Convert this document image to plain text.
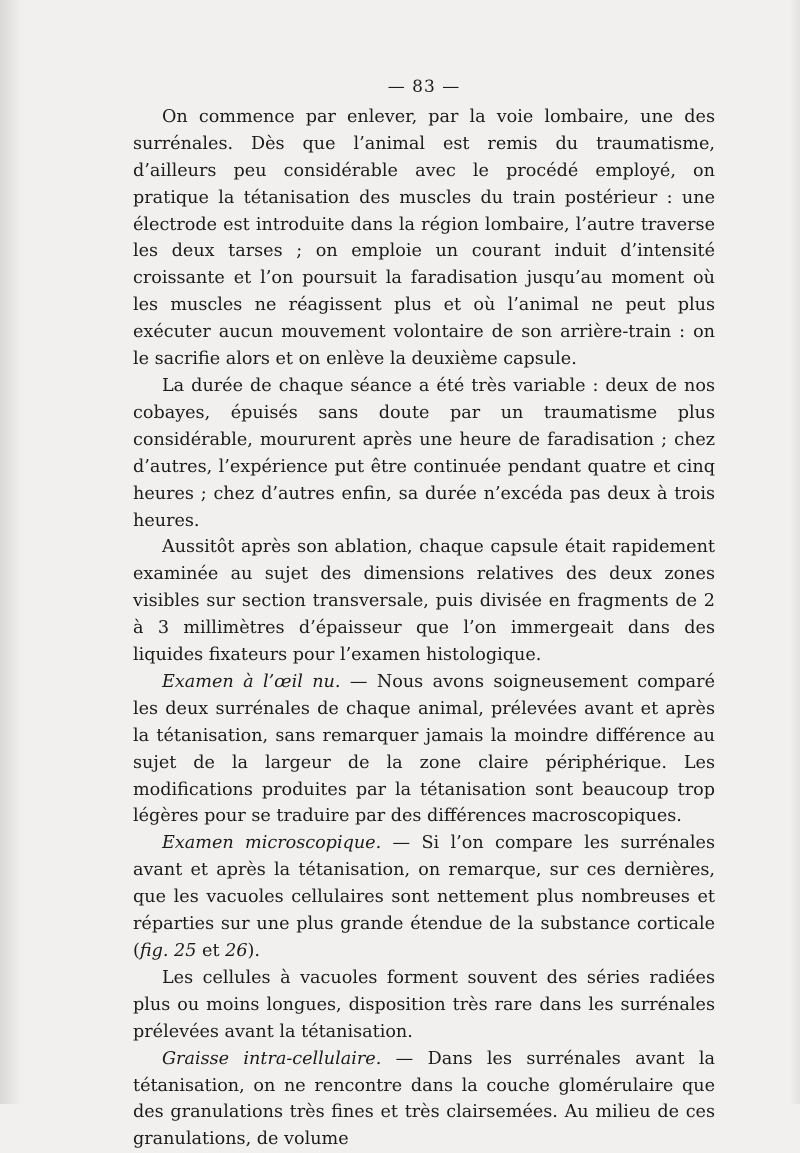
— 83 —

On commence par enlever, par la voie lombaire, une des surrénales. Dès que l’animal est remis du traumatisme, d’ailleurs peu considérable avec le procédé employé, on pratique la tétanisation des muscles du train postérieur : une électrode est introduite dans la région lombaire, l’autre traverse les deux tarses ; on emploie un courant induit d’intensité croissante et l’on poursuit la faradisation jusqu’au moment où les muscles ne réagissent plus et où l’animal ne peut plus exécuter aucun mouvement volontaire de son arrière-train : on le sacrifie alors et on enlève la deuxième capsule.

La durée de chaque séance a été très variable : deux de nos cobayes, épuisés sans doute par un traumatisme plus considérable, moururent après une heure de faradisation ; chez d’autres, l’expérience put être continuée pendant quatre et cinq heures ; chez d’autres enfin, sa durée n’excéda pas deux à trois heures.

Aussitôt après son ablation, chaque capsule était rapidement examinée au sujet des dimensions relatives des deux zones visibles sur section transversale, puis divisée en fragments de 2 à 3 millimètres d’épaisseur que l’on immergeait dans des liquides fixateurs pour l’examen histologique.

Examen à l’œil nu. — Nous avons soigneusement comparé les deux surrénales de chaque animal, prélevées avant et après la tétanisation, sans remarquer jamais la moindre différence au sujet de la largeur de la zone claire périphérique. Les modifications produites par la tétanisation sont beaucoup trop légères pour se traduire par des différences macroscopiques.

Examen microscopique. — Si l’on compare les surrénales avant et après la tétanisation, on remarque, sur ces dernières, que les vacuoles cellulaires sont nettement plus nombreuses et réparties sur une plus grande étendue de la substance corticale (fig. 25 et 26).

Les cellules à vacuoles forment souvent des séries radiées plus ou moins longues, disposition très rare dans les surrénales prélevées avant la tétanisation.

Graisse intra-cellulaire. — Dans les surrénales avant la tétanisation, on ne rencontre dans la couche glomérulaire que des granulations très fines et très clairsemées. Au milieu de ces granulations, de volume
